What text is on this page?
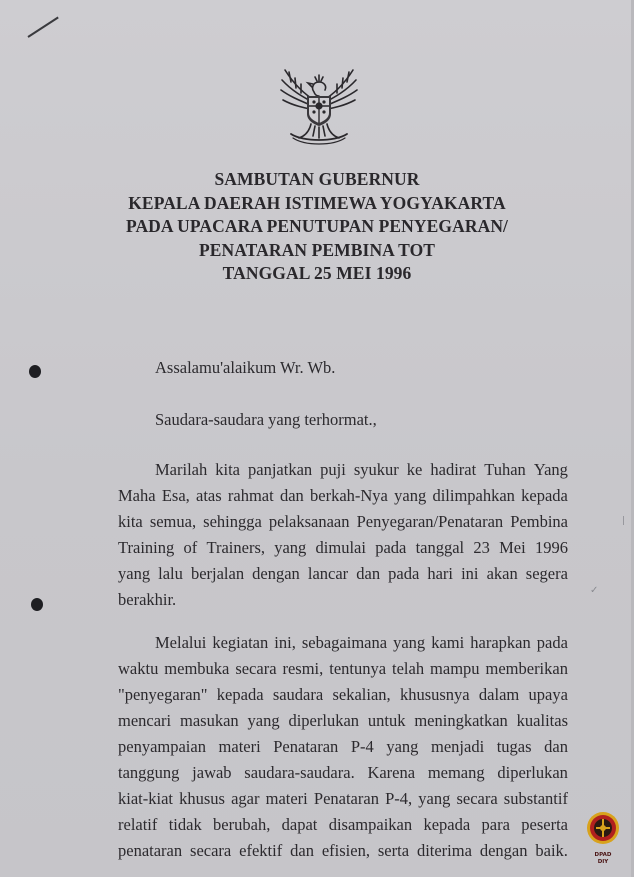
SAMBUTAN GUBERNUR
KEPALA DAERAH ISTIMEWA YOGYAKARTA
PADA UPACARA PENUTUPAN PENYEGARAN/
PENATARAN PEMBINA TOT
TANGGAL 25 MEI 1996
Assalamu'alaikum Wr. Wb.
Saudara-saudara yang terhormat.,
Marilah kita panjatkan puji syukur ke hadirat Tuhan Yang
Maha Esa, atas rahmat dan berkah-Nya yang dilimpahkan kepada
kita semua, sehingga pelaksanaan Penyegaran/Penataran Pembina
Training of Trainers, yang dimulai pada tanggal 23 Mei 1996
yang lalu berjalan dengan lancar dan pada hari ini akan segera
berakhir.
Melalui kegiatan ini, sebagaimana yang kami harapkan pada
waktu membuka secara resmi, tentunya telah mampu memberikan
"penyegaran" kepada saudara sekalian, khususnya dalam upaya
mencari masukan yang diperlukan untuk meningkatkan kualitas
penyampaian materi Penataran P-4 yang menjadi tugas dan
tanggung jawab saudara-saudara. Karena memang diperlukan
kiat-kiat khusus agar materi Penataran P-4, yang secara substantif
relatif tidak berubah, dapat disampaikan kepada para peserta
penataran secara efektif dan efisien, serta diterima dengan baik.
✓
|
DPAD
DIY
